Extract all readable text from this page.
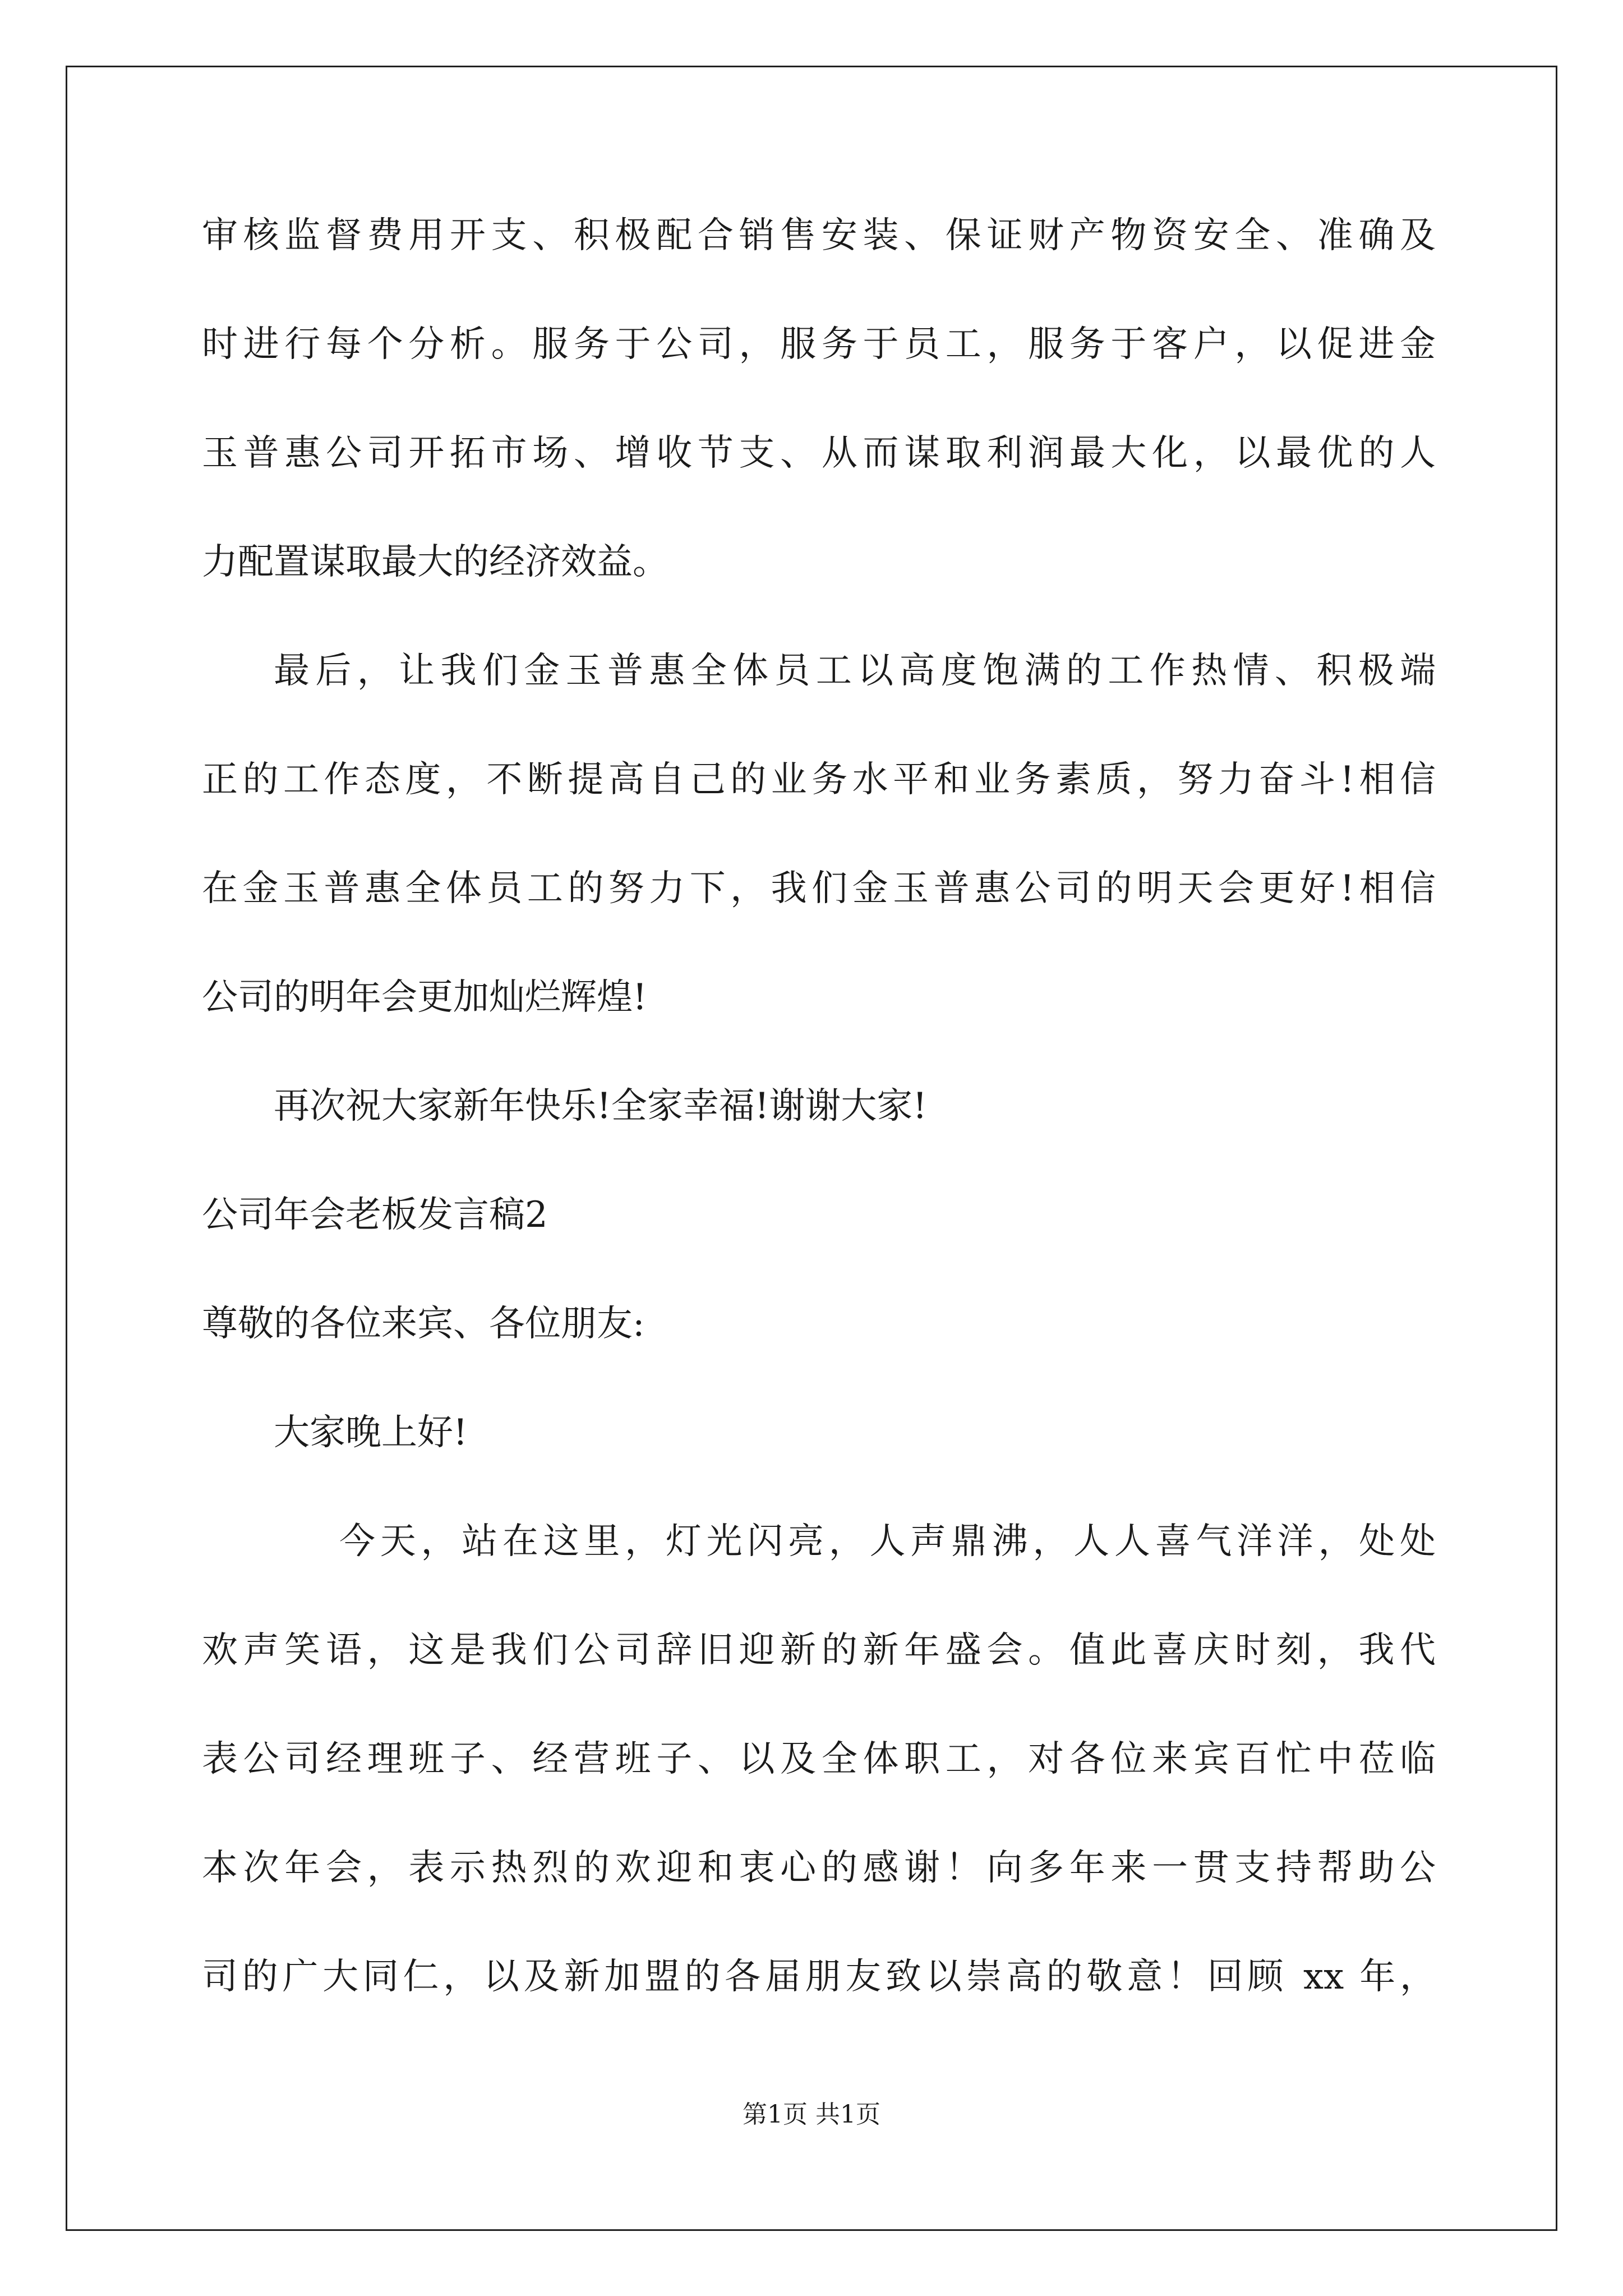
审核监督费用开支、积极配合销售安装、保证财产物资安全、准确及
时进行每个分析。服务于公司，服务于员工，服务于客户，以促进金
玉普惠公司开拓市场、增收节支、从而谋取利润最大化，以最优的人
力配置谋取最大的经济效益。
最后，让我们金玉普惠全体员工以高度饱满的工作热情、积极端
正的工作态度，不断提高自己的业务水平和业务素质，努力奋斗!相信
在金玉普惠全体员工的努力下，我们金玉普惠公司的明天会更好!相信
公司的明年会更加灿烂辉煌!
再次祝大家新年快乐!全家幸福!谢谢大家!
公司年会老板发言稿2
尊敬的各位来宾、各位朋友:
大家晚上好!
今天，站在这里，灯光闪亮，人声鼎沸，人人喜气洋洋，处处
欢声笑语，这是我们公司辞旧迎新的新年盛会。值此喜庆时刻，我代
表公司经理班子、经营班子、以及全体职工，对各位来宾百忙中莅临
本次年会，表示热烈的欢迎和衷心的感谢！向多年来一贯支持帮助公
司的广大同仁，以及新加盟的各届朋友致以崇高的敬意！回顾 xx 年，
第1页 共1页
